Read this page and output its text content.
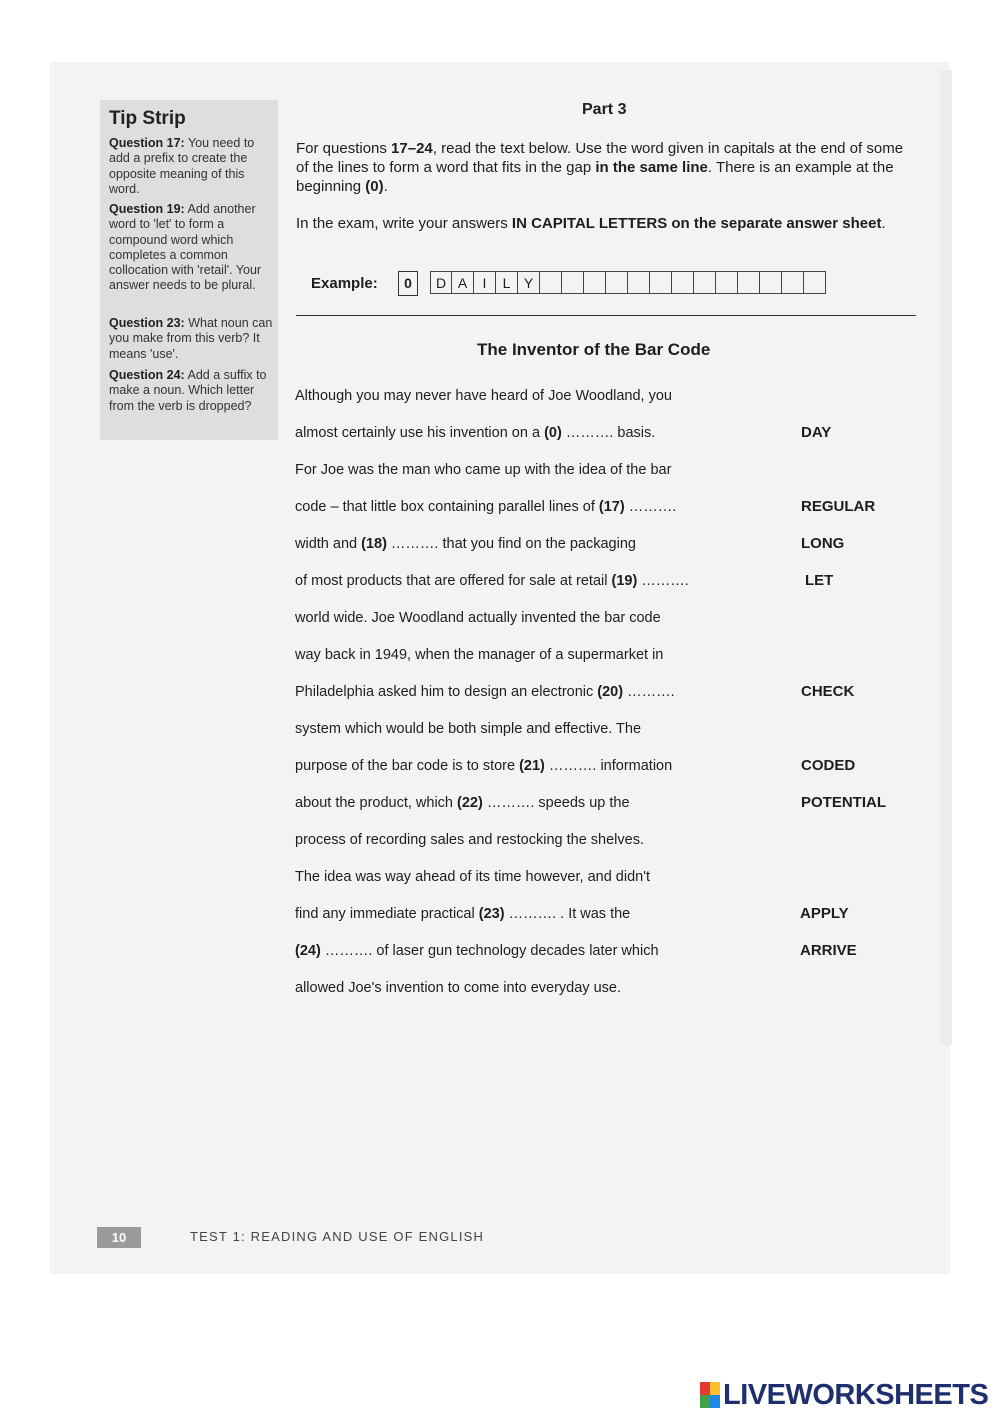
Tip Strip
Question 17: You need to add a prefix to create the opposite meaning of this word.
Question 19: Add another word to 'let' to form a compound word which completes a common collocation with 'retail'. Your answer needs to be plural.
Question 23: What noun can you make from this verb? It means 'use'.
Question 24: Add a suffix to make a noun. Which letter from the verb is dropped?
Part 3
For questions 17–24, read the text below. Use the word given in capitals at the end of some of the lines to form a word that fits in the gap in the same line. There is an example at the beginning (0).
In the exam, write your answers IN CAPITAL LETTERS on the separate answer sheet.
Example:	0	D A	I	L Y
The Inventor of the Bar Code
Although you may never have heard of Joe Woodland, you
almost certainly use his invention on a (0) ………. basis.	DAY
For Joe was the man who came up with the idea of the bar
code – that little box containing parallel lines of (17) ……….	REGULAR
width and (18) ………. that you find on the packaging	LONG
of most products that are offered for sale at retail (19) ……….	LET
world wide. Joe Woodland actually invented the bar code
way back in 1949, when the manager of a supermarket in
Philadelphia asked him to design an electronic (20) ……….	CHECK
system which would be both simple and effective. The
purpose of the bar code is to store (21) ………. information	CODED
about the product, which (22) ………. speeds up the	POTENTIAL
process of recording sales and restocking the shelves.
The idea was way ahead of its time however, and didn't
find any immediate practical (23) ………. . It was the	APPLY
(24) ………. of laser gun technology decades later which	ARRIVE
allowed Joe's invention to come into everyday use.
10	TEST 1: READING AND USE OF ENGLISH
LIVEWORKSHEETS
